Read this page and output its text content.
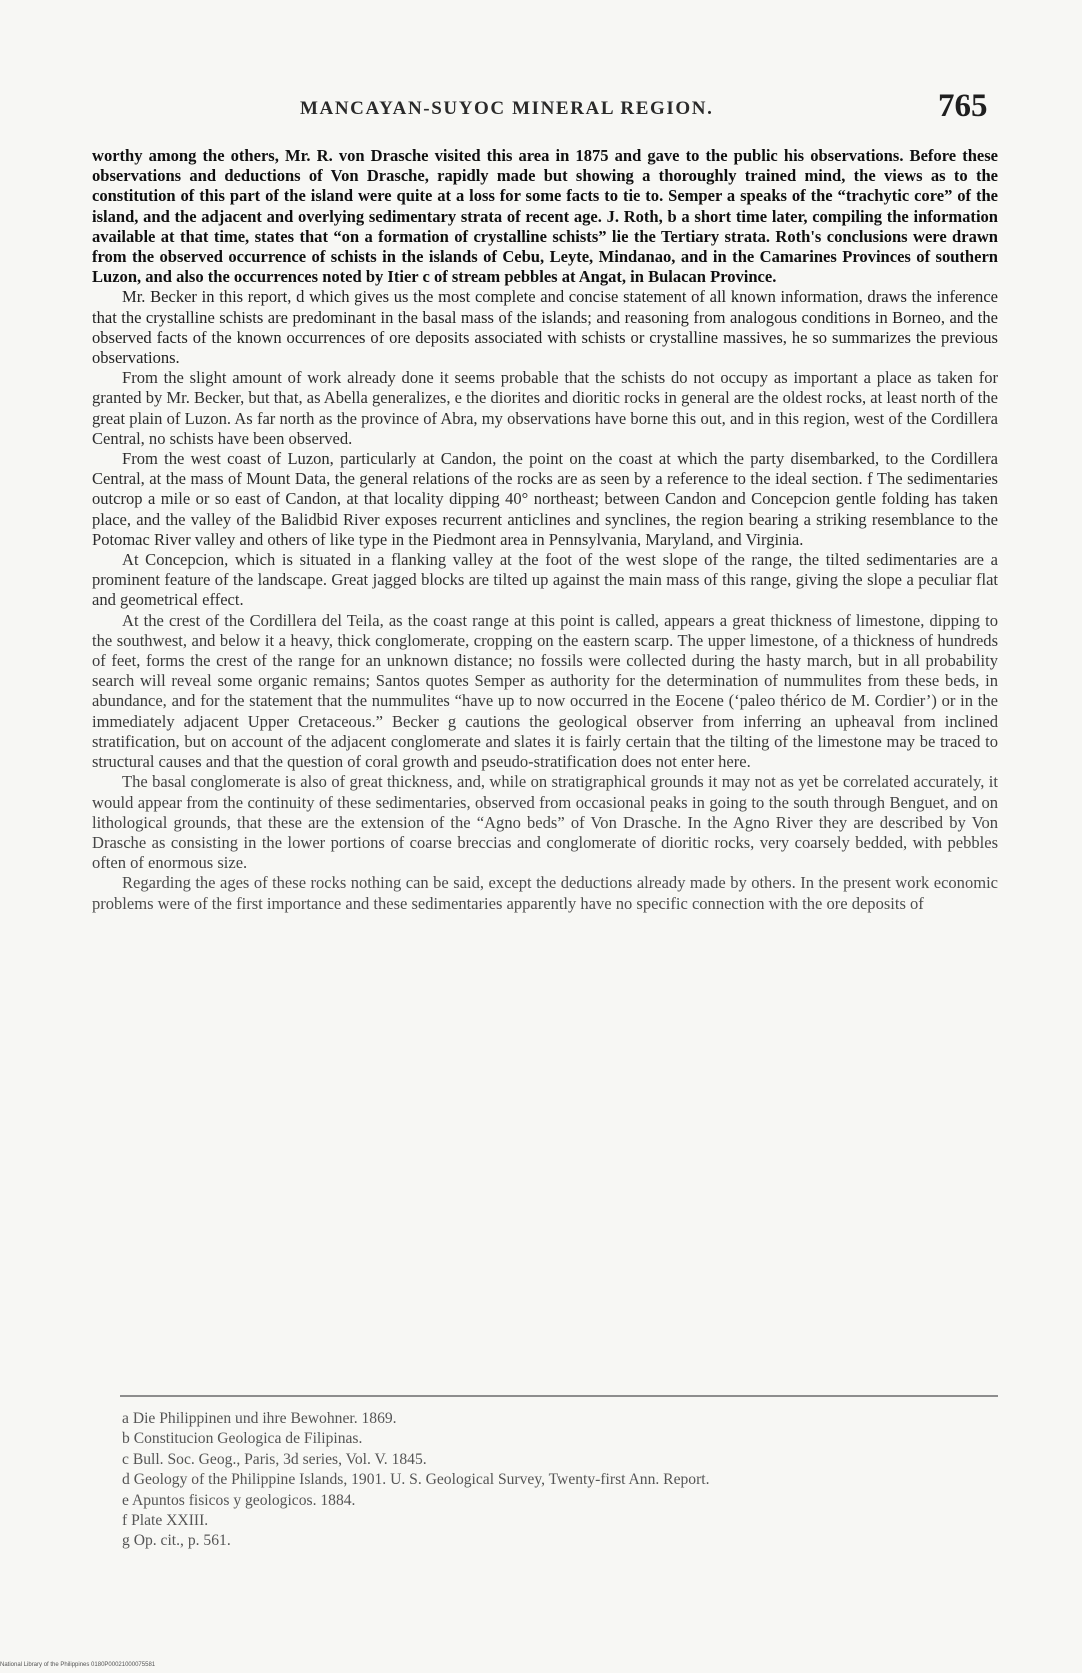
MANCAYAN-SUYOC MINERAL REGION.	765

worthy among the others, Mr. R. von Drasche visited this area in 1875 and gave to the public his observations. Before these observations and deductions of Von Drasche, rapidly made but showing a thoroughly trained mind, the views as to the constitution of this part of the island were quite at a loss for some facts to tie to. Semper a speaks of the “trachytic core” of the island, and the adjacent and overlying sedimentary strata of recent age. J. Roth, b a short time later, compiling the information available at that time, states that “on a formation of crystalline schists” lie the Tertiary strata. Roth's conclusions were drawn from the observed occurrence of schists in the islands of Cebu, Leyte, Mindanao, and in the Camarines Provinces of southern Luzon, and also the occurrences noted by Itier c of stream pebbles at Angat, in Bulacan Province.

Mr. Becker in this report, d which gives us the most complete and concise statement of all known information, draws the inference that the crystalline schists are predominant in the basal mass of the islands; and reasoning from analogous conditions in Borneo, and the observed facts of the known occurrences of ore deposits associated with schists or crystalline massives, he so summarizes the previous observations.

From the slight amount of work already done it seems probable that the schists do not occupy as important a place as taken for granted by Mr. Becker, but that, as Abella generalizes, e the diorites and dioritic rocks in general are the oldest rocks, at least north of the great plain of Luzon. As far north as the province of Abra, my observations have borne this out, and in this region, west of the Cordillera Central, no schists have been observed.

From the west coast of Luzon, particularly at Candon, the point on the coast at which the party disembarked, to the Cordillera Central, at the mass of Mount Data, the general relations of the rocks are as seen by a reference to the ideal section. f The sedimentaries outcrop a mile or so east of Candon, at that locality dipping 40° northeast; between Candon and Concepcion gentle folding has taken place, and the valley of the Balidbid River exposes recurrent anticlines and synclines, the region bearing a striking resemblance to the Potomac River valley and others of like type in the Piedmont area in Pennsylvania, Maryland, and Virginia.

At Concepcion, which is situated in a flanking valley at the foot of the west slope of the range, the tilted sedimentaries are a prominent feature of the landscape. Great jagged blocks are tilted up against the main mass of this range, giving the slope a peculiar flat and geometrical effect.

At the crest of the Cordillera del Teila, as the coast range at this point is called, appears a great thickness of limestone, dipping to the southwest, and below it a heavy, thick conglomerate, cropping on the eastern scarp. The upper limestone, of a thickness of hundreds of feet, forms the crest of the range for an unknown distance; no fossils were collected during the hasty march, but in all probability search will reveal some organic remains; Santos quotes Semper as authority for the determination of nummulites from these beds, in abundance, and for the statement that the nummulites “have up to now occurred in the Eocene (‘paleo thérico de M. Cordier’) or in the immediately adjacent Upper Cretaceous.” Becker g cautions the geological observer from inferring an upheaval from inclined stratification, but on account of the adjacent conglomerate and slates it is fairly certain that the tilting of the limestone may be traced to structural causes and that the question of coral growth and pseudo-stratification does not enter here.

The basal conglomerate is also of great thickness, and, while on stratigraphical grounds it may not as yet be correlated accurately, it would appear from the continuity of these sedimentaries, observed from occasional peaks in going to the south through Benguet, and on lithological grounds, that these are the extension of the “Agno beds” of Von Drasche. In the Agno River they are described by Von Drasche as consisting in the lower portions of coarse breccias and conglomerate of dioritic rocks, very coarsely bedded, with pebbles often of enormous size.

Regarding the ages of these rocks nothing can be said, except the deductions already made by others. In the present work economic problems were of the first importance and these sedimentaries apparently have no specific connection with the ore deposits of

a Die Philippinen und ihre Bewohner. 1869.

b Constitucion Geologica de Filipinas.

c Bull. Soc. Geog., Paris, 3d series, Vol. V. 1845.

d Geology of the Philippine Islands, 1901. U. S. Geological Survey, Twenty-first Ann. Report.

e Apuntos fisicos y geologicos. 1884.

f Plate XXIII.

g Op. cit., p. 561.

National Library of the Philippines 0180P00021000075581
